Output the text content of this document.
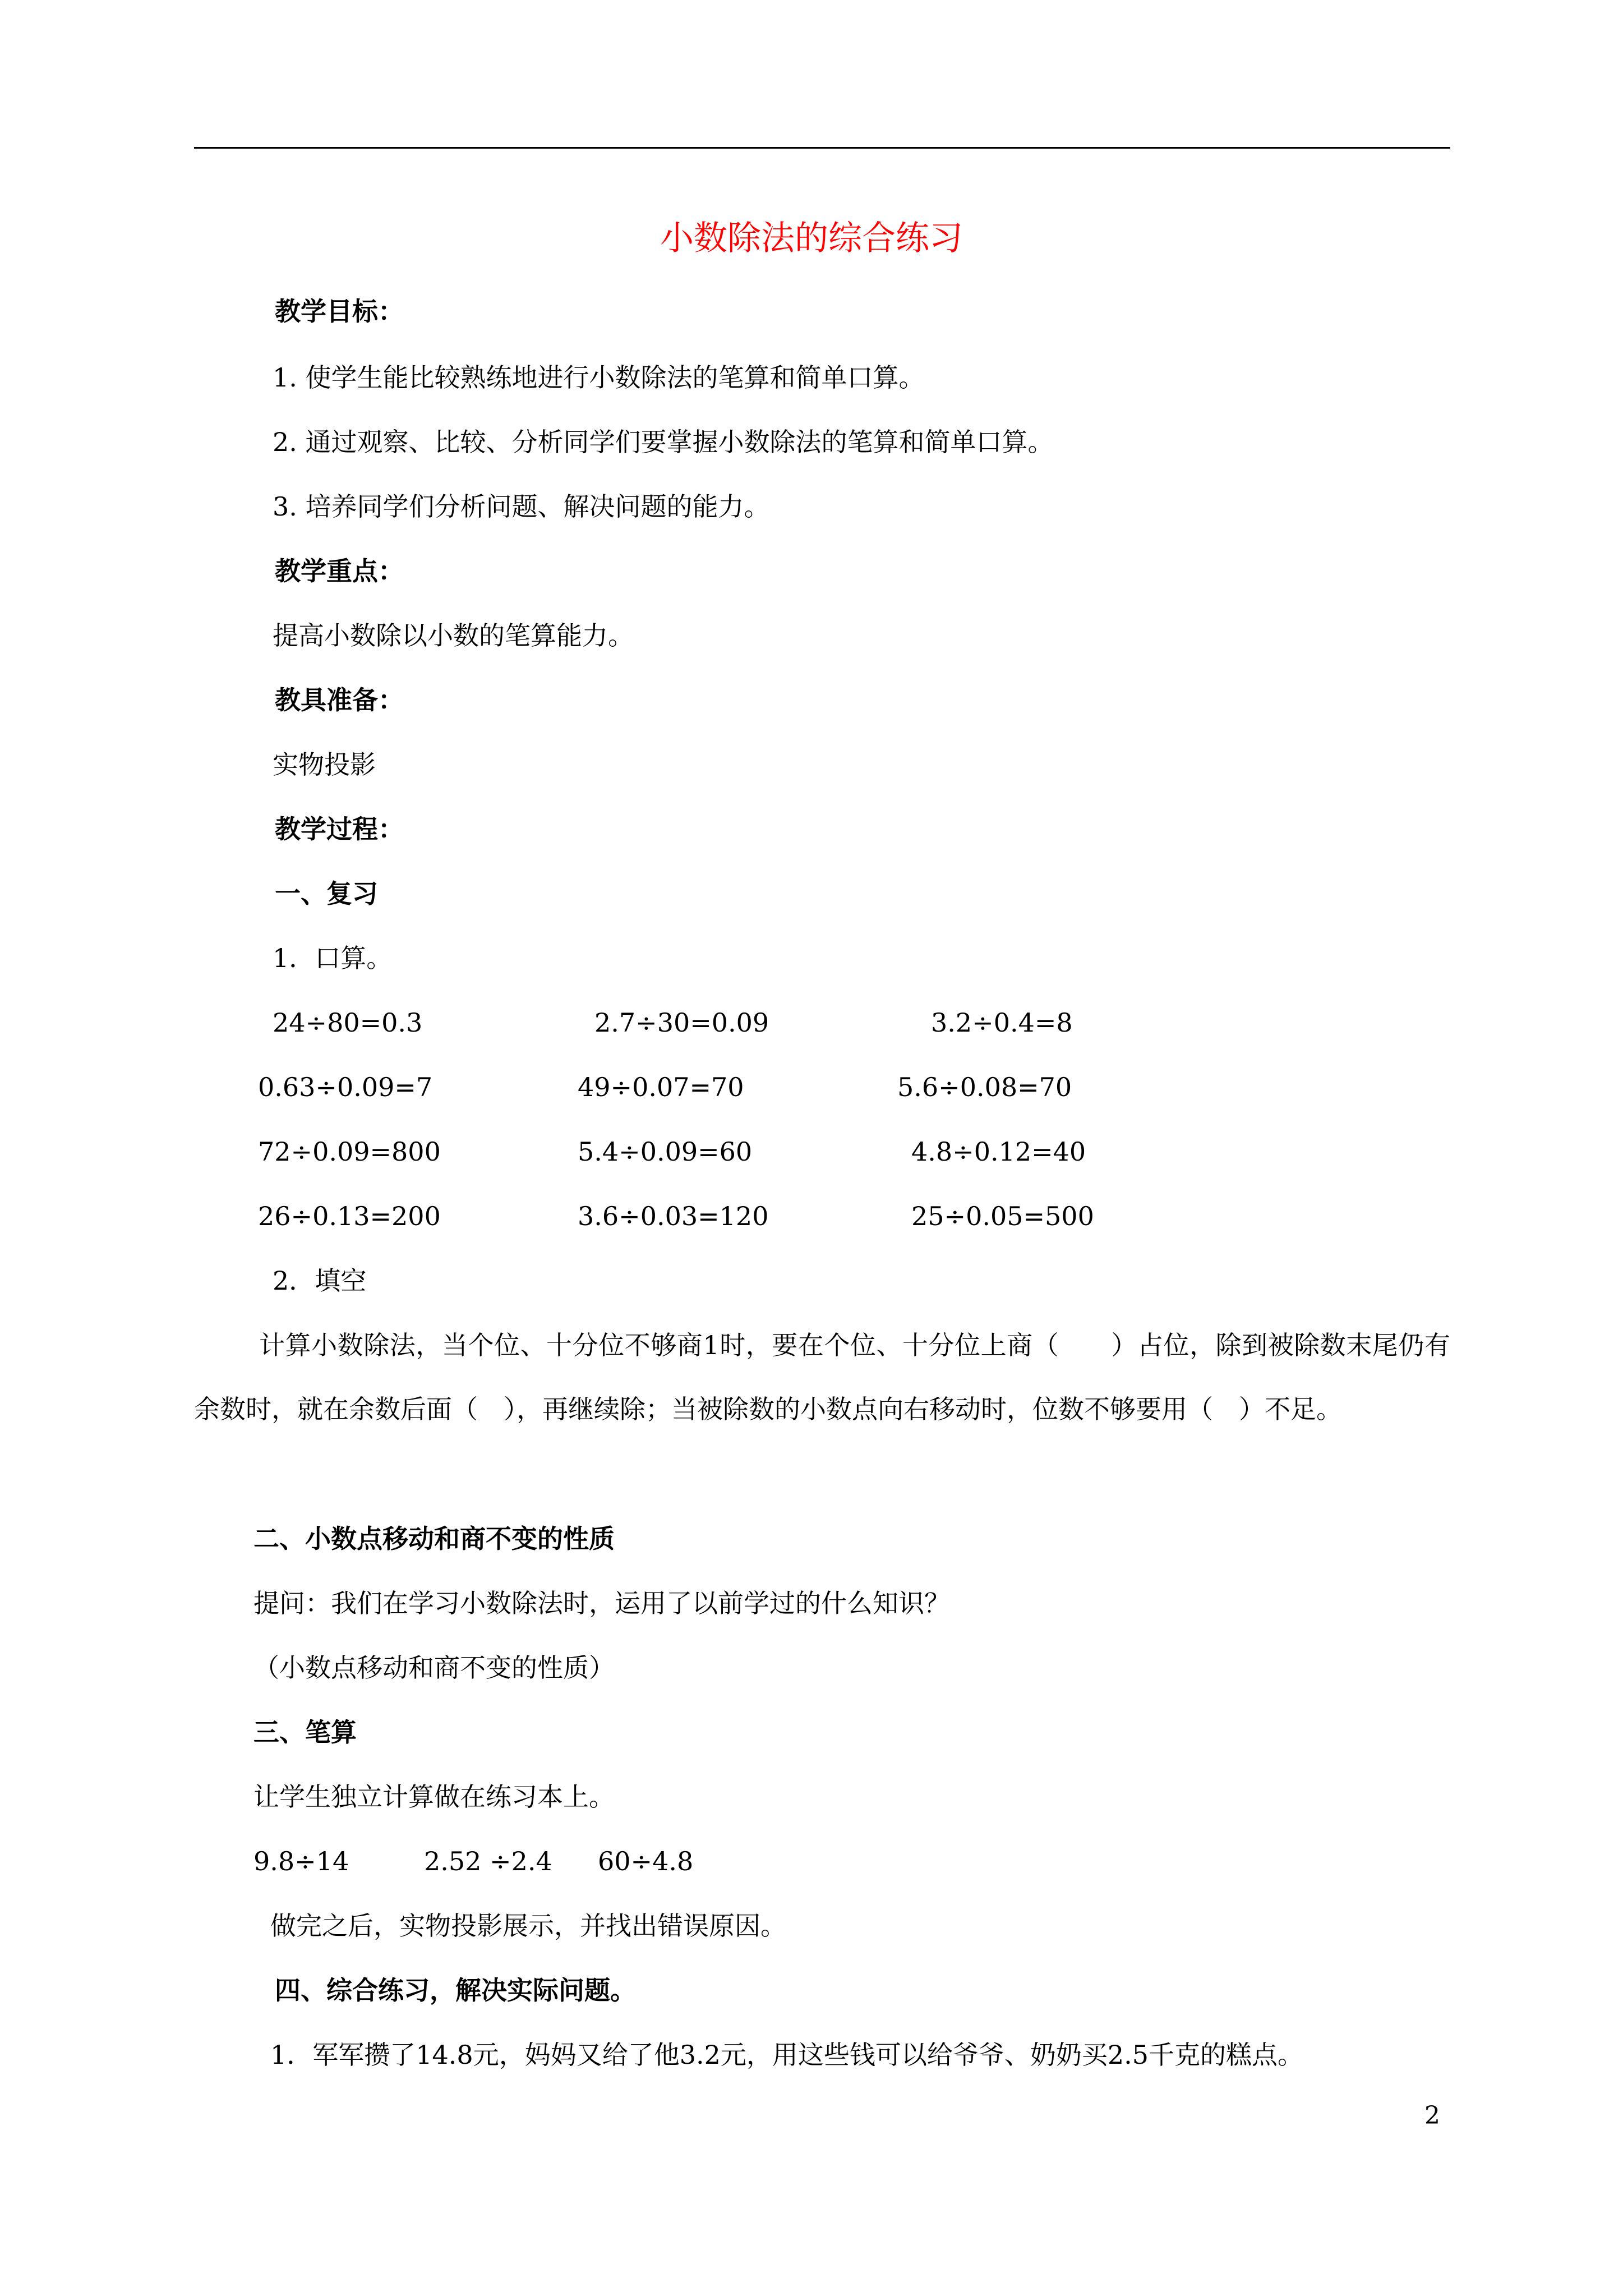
小数除法的综合练习
教学目标：
1. 使学生能比较熟练地进行小数除法的笔算和简单口算。
2. 通过观察、比较、分析同学们要掌握小数除法的笔算和简单口算。
3. 培养同学们分析问题、解决问题的能力。
教学重点：
提高小数除以小数的笔算能力。
教具准备：
实物投影
教学过程：
一、复习
1．口算。
24÷80=0.3	2.7÷30=0.09	3.2÷0.4=8
0.63÷0.09=7	49÷0.07=70	5.6÷0.08=70
72÷0.09=800	5.4÷0.09=60	4.8÷0.12=40
26÷0.13=200	3.6÷0.03=120	25÷0.05=500
2．填空
计算小数除法，当个位、十分位不够商1时，要在个位、十分位上商（　　）占位，除到被除数末尾仍有余数时，就在余数后面（　），再继续除；当被除数的小数点向右移动时，位数不够要用（　）不足。
二、小数点移动和商不变的性质
提问：我们在学习小数除法时，运用了以前学过的什么知识？
（小数点移动和商不变的性质）
三、笔算
让学生独立计算做在练习本上。
9.8÷14	2.52 ÷2.4 60÷4.8
做完之后，实物投影展示，并找出错误原因。
四、综合练习，解决实际问题。
1．军军攒了14.8元，妈妈又给了他3.2元，用这些钱可以给爷爷、奶奶买2.5千克的糕点。
2
